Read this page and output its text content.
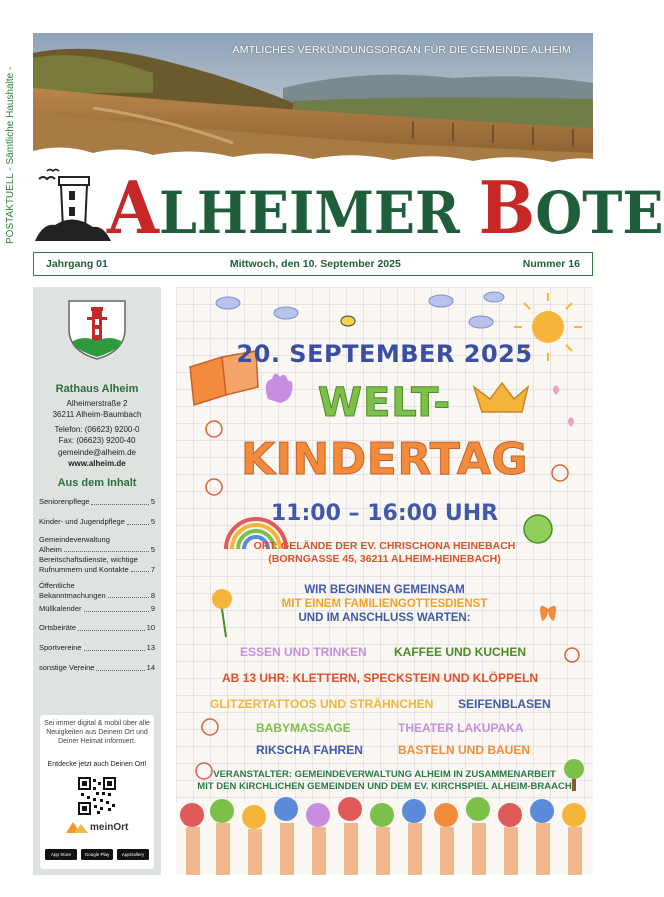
POSTAKTUELL - Sämtliche Haushalte -
AMTLICHES VERKÜNDUNGSORGAN FÜR DIE GEMEINDE ALHEIM
ALHEIMER BOTE
Jahrgang 01	Mittwoch, den 10. September 2025	Nummer 16
Rathaus Alheim
Alheimerstraße 2
36211 Alheim-Baumbach
Telefon: (06623) 9200-0
Fax: (06623) 9200-40
gemeinde@alheim.de
www.alheim.de
Aus dem Inhalt
Seniorenpflege	5
Kinder- und Jugendpflege	5
Gemeindeverwaltung
Alheim	5
Bereitschaftsdienste, wichtige
Rufnummern und Kontakte	7
Öffentliche
Bekanntmachungen	8
Müllkalender	9
Ortsbeiräte	10
Sportvereine	13
sonstige Vereine	14
Sei immer digital & mobil über alle Neuigkeiten aus Deinem Ort und Deiner Heimat informiert.
Entdecke jetzt auch Deinen Ort!
meinOrt
App Store	Google Play	AppGallery
20. SEPTEMBER 2025
WELT-
KINDERTAG
11:00 – 16:00 UHR
ORT: GELÄNDE DER EV. CHRISCHONA HEINEBACH
(BORNGASSE 45, 36211 ALHEIM-HEINEBACH)
WIR BEGINNEN GEMEINSAM
MIT EINEM FAMILIENGOTTESDIENST
UND IM ANSCHLUSS WARTEN:
ESSEN UND TRINKEN KAFFEE UND KUCHEN
AB 13 UHR: KLETTERN, SPECKSTEIN UND KLÖPPELN
GLITZERTATTOOS UND STRÄHNCHEN SEIFENBLASEN
BABYMASSAGE	THEATER LAKUPAKA
RIKSCHA FAHREN	BASTELN UND BAUEN
VERANSTALTER: GEMEINDEVERWALTUNG ALHEIM IN ZUSAMMENARBEIT
MIT DEN KIRCHLICHEN GEMEINDEN UND DEM EV. KIRCHSPIEL ALHEIM-BRAACH
